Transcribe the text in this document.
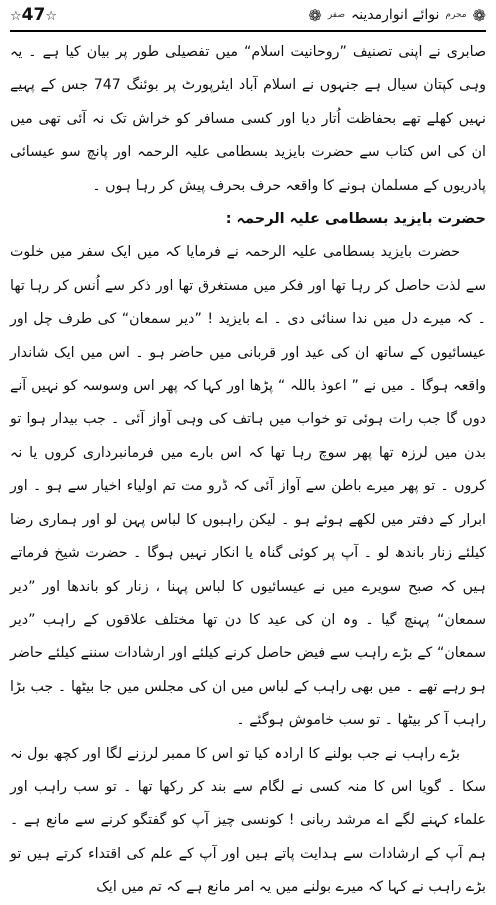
☆47☆	❁
محرم
نوائے انوارمدینہ
صفر
❁

صابری نے اپنی تصنیف ”روحانیت اسلام“ میں تفصیلی طور پر بیان کیا ہے ۔ یہ وہی کپتان سیال ہے جنہوں نے اسلام آباد ایئرپورٹ پر بوئنگ 747 جس کے پہیے نہیں کھلے تھے بحفاظت اُتار دیا اور کسی مسافر کو خراش تک نہ آئی تھی میں ان کی اس کتاب سے حضرت بایزید بسطامی علیہ الرحمہ اور پانچ سو عیسائی پادریوں کے مسلمان ہونے کا واقعہ حرف بحرف پیش کر رہا ہوں ۔

حضرت بایزید بسطامی علیہ الرحمہ :

حضرت بایزید بسطامی علیہ الرحمہ نے فرمایا کہ میں ایک سفر میں خلوت سے لذت حاصل کر رہا تھا اور فکر میں مستغرق تھا اور ذکر سے اُنس کر رہا تھا ۔ کہ میرے دل میں ندا سنائی دی ۔ اے بایزید ! ”دیر سمعان“ کی طرف چل اور عیسائیوں کے ساتھ ان کی عید اور قربانی میں حاضر ہو ۔ اس میں ایک شاندار واقعہ ہوگا ۔ میں نے ” اعوذ باللہ “ پڑھا اور کہا کہ پھر اس وسوسہ کو نہیں آنے دوں گا جب رات ہوئی تو خواب میں ہاتف کی وہی آواز آئی ۔ جب بیدار ہوا تو بدن میں لرزہ تھا پھر سوچ رہا تھا کہ اس بارے میں فرمانبرداری کروں یا نہ کروں ۔ تو پھر میرے باطن سے آواز آئی کہ ڈرو مت تم اولیاء اخیار سے ہو ۔ اور ابرار کے دفتر میں لکھے ہوئے ہو ۔ لیکن راہبوں کا لباس پہن لو اور ہماری رضا کیلئے زنار باندھ لو ۔ آپ پر کوئی گناہ یا انکار نہیں ہوگا ۔ حضرت شیخ فرماتے ہیں کہ صبح سویرے میں نے عیسائیوں کا لباس پہنا ، زنار کو باندھا اور ”دیر سمعان“ پہنچ گیا ۔ وہ ان کی عید کا دن تھا مختلف علاقوں کے راہب ”دیر سمعان“ کے بڑے راہب سے فیض حاصل کرنے کیلئے اور ارشادات سننے کیلئے حاضر ہو رہے تھے ۔ میں بھی راہب کے لباس میں ان کی مجلس میں جا بیٹھا ۔ جب بڑا راہب آ کر بیٹھا ۔ تو سب خاموش ہوگئے ۔

بڑے راہب نے جب بولنے کا ارادہ کیا تو اس کا ممبر لرزنے لگا اور کچھ بول نہ سکا ۔ گویا اس کا منہ کسی نے لگام سے بند کر رکھا تھا ۔ تو سب راہب اور علماء کہنے لگے اے مرشد ربانی ! کونسی چیز آپ کو گفتگو کرنے سے مانع ہے ۔ ہم آپ کے ارشادات سے ہدایت پاتے ہیں اور آپ کے علم کی اقتداء کرتے ہیں تو بڑے راہب نے کہا کہ میرے بولنے میں یہ امر مانع ہے کہ تم میں ایک
